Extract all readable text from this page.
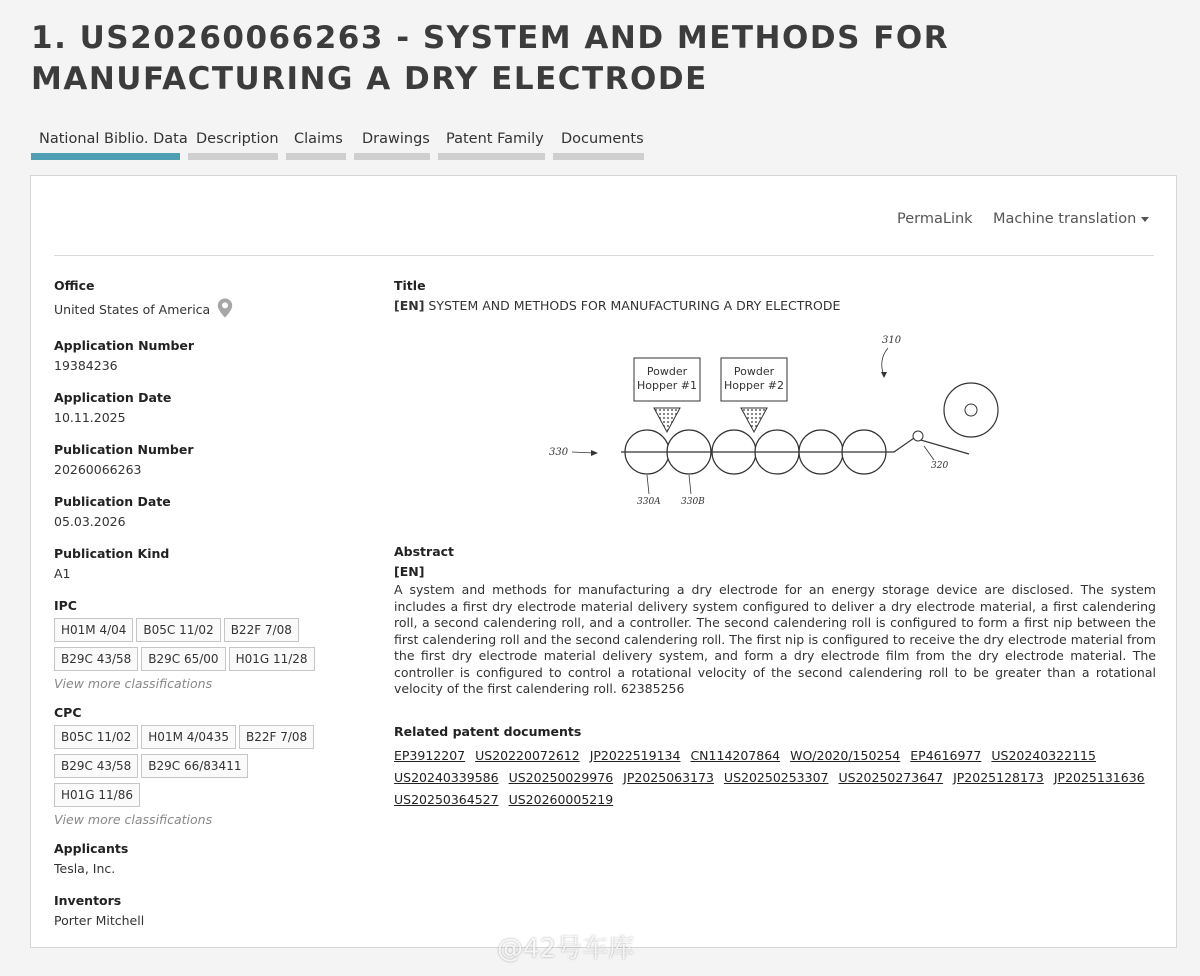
1. US20260066263 - SYSTEM AND METHODS FOR MANUFACTURING A DRY ELECTRODE
National Biblio. Data Description	Claims	Drawings	Patent Family	Documents
PermaLink Machine translation
Office
United States of America
Application Number
19384236
Application Date
10.11.2025
Publication Number
20260066263
Publication Date
05.03.2026
Publication Kind
A1
IPC
H01M 4/04 B05C 11/02 B22F 7/08B29C 43/58 B29C 65/00 H01G 11/28
View more classifications
CPC
B05C 11/02 H01M 4/0435 B22F 7/08B29C 43/58 B29C 66/83411H01G 11/86
View more classifications
Applicants
Tesla, Inc.
Inventors
Porter Mitchell
Title
[EN] SYSTEM AND METHODS FOR MANUFACTURING A DRY ELECTRODE
Powder
Hopper #1
Powder
Hopper #2
310
330
330A 330B
320
Abstract
[EN]
A system and methods for manufacturing a dry electrode for an energy storage device are disclosed. The system includes a first dry electrode material delivery system configured to deliver a dry electrode material, a first calendering roll, a second calendering roll, and a controller. The second calendering roll is configured to form a first nip between the first calendering roll and the second calendering roll. The first nip is configured to receive the dry electrode material from the first dry electrode material delivery system, and form a dry electrode film from the dry electrode material. The controller is configured to control a rotational velocity of the second calendering roll to be greater than a rotational velocity of the first calendering roll. 62385256
Related patent documents
EP3912207 US20220072612 JP2022519134 CN114207864 WO/2020/150254 EP4616977 US20240322115US20240339586 US20250029976 JP2025063173 US20250253307 US20250273647 JP2025128173 JP2025131636US20250364527 US20260005219
@42号车库
